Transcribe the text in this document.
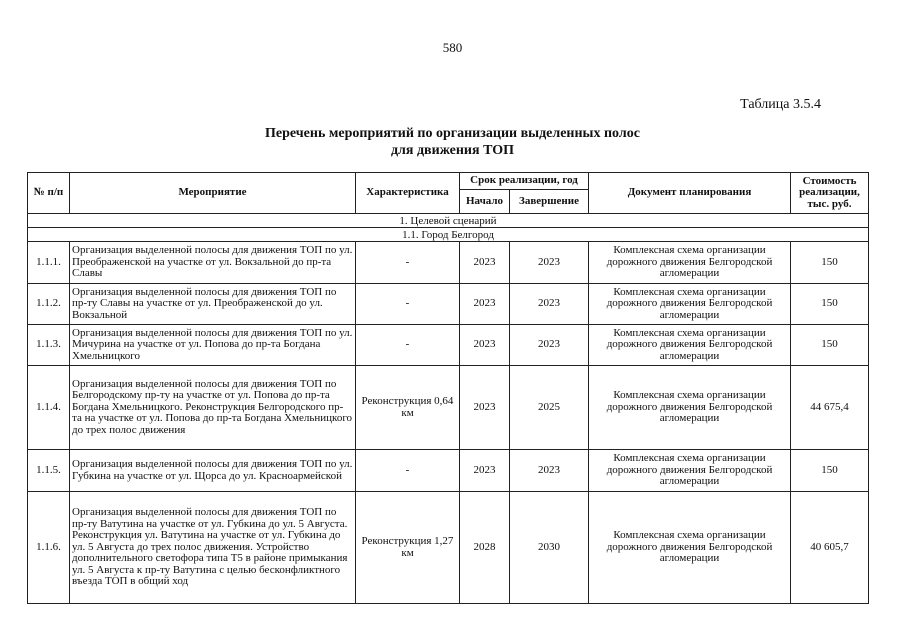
580
Таблица 3.5.4
Перечень мероприятий по организации выделенных полос
для движения ТОП
№ п/п	Мероприятие	Характеристика	Срок реализации, год		Документ планирования	Стоимость реализации, тыс. руб.
			Начало	Завершение		
1. Целевой сценарий						
1.1. Город Белгород						
1.1.1.	Организация выделенной полосы для движения ТОП по ул. Преображенской на участке от ул. Вокзальной до пр-та Славы	-	2023	2023	Комплексная схема организации дорожного движения Белгородской агломерации	150
1.1.2.	Организация выделенной полосы для движения ТОП по пр-ту Славы на участке от ул. Преображенской до ул. Вокзальной	-	2023	2023	Комплексная схема организации дорожного движения Белгородской агломерации	150
1.1.3.	Организация выделенной полосы для движения ТОП по ул. Мичурина на участке от ул. Попова до пр-та Богдана Хмельницкого	-	2023	2023	Комплексная схема организации дорожного движения Белгородской агломерации	150
1.1.4.	Организация выделенной полосы для движения ТОП по Белгородскому пр-ту на участке от ул. Попова до пр-та Богдана Хмельницкого. Реконструкция Белгородского пр-та на участке от ул. Попова до пр-та Богдана Хмельницкого до трех полос движения	Реконструкция 0,64 км	2023	2025	Комплексная схема организации дорожного движения Белгородской агломерации	44 675,4
1.1.5.	Организация выделенной полосы для движения ТОП по ул. Губкина на участке от ул. Щорса до ул. Красноармейской	-	2023	2023	Комплексная схема организации дорожного движения Белгородской агломерации	150
1.1.6.	Организация выделенной полосы для движения ТОП по пр-ту Ватутина на участке от ул. Губкина до ул. 5 Августа. Реконструкция ул. Ватутина на участке от ул. Губкина до ул. 5 Августа до трех полос движения. Устройство дополнительного светофора типа Т5 в районе примыкания ул. 5 Августа к пр-ту Ватутина с целью бесконфликтного въезда ТОП в общий ход	Реконструкция 1,27 км	2028	2030	Комплексная схема организации дорожного движения Белгородской агломерации	40 605,7
